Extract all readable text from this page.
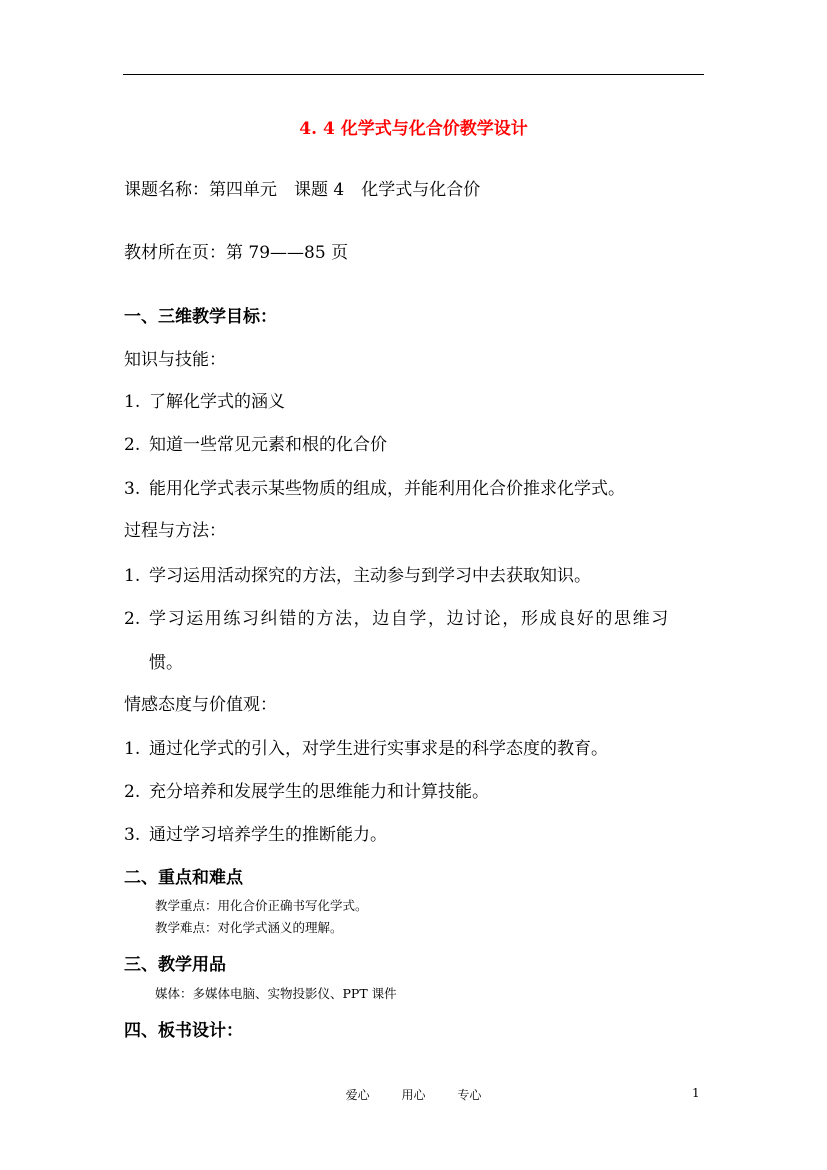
4. 4 化学式与化合价教学设计
课题名称：第四单元　课题 4　化学式与化合价
教材所在页：第 79——85 页
一、三维教学目标：
知识与技能：
1. 了解化学式的涵义
2. 知道一些常见元素和根的化合价
3. 能用化学式表示某些物质的组成，并能利用化合价推求化学式。
过程与方法：
1. 学习运用活动探究的方法，主动参与到学习中去获取知识。
2. 学习运用练习纠错的方法，边自学，边讨论，形成良好的思维习
惯。
情感态度与价值观：
1. 通过化学式的引入，对学生进行实事求是的科学态度的教育。
2. 充分培养和发展学生的思维能力和计算技能。
3. 通过学习培养学生的推断能力。
二、重点和难点
教学重点：用化合价正确书写化学式。
教学难点：对化学式涵义的理解。
三、教学用品
媒体：多媒体电脑、实物投影仪、PPT 课件
四、板书设计：
爱心	用心	专心	1
